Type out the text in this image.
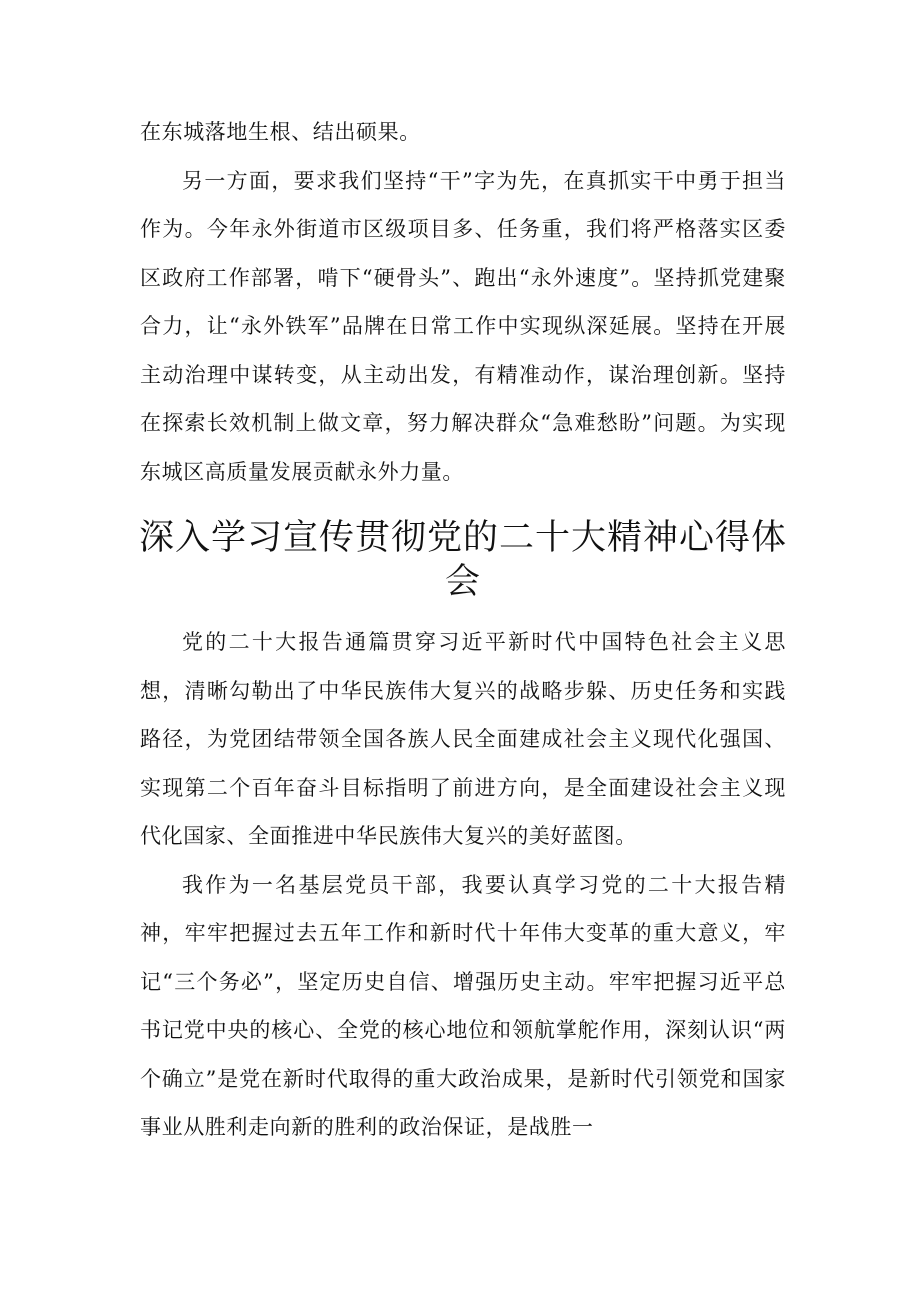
在东城落地生根、结出硕果。

另一方面，要求我们坚持“干”字为先，在真抓实干中勇于担当作为。今年永外街道市区级项目多、任务重，我们将严格落实区委区政府工作部署，啃下“硬骨头”、跑出“永外速度”。坚持抓党建聚合力，让“永外铁军”品牌在日常工作中实现纵深延展。坚持在开展主动治理中谋转变，从主动出发，有精准动作，谋治理创新。坚持在探索长效机制上做文章，努力解决群众“急难愁盼”问题。为实现东城区高质量发展贡献永外力量。

深入学习宣传贯彻党的二十大精神心得体会

党的二十大报告通篇贯穿习近平新时代中国特色社会主义思想，清晰勾勒出了中华民族伟大复兴的战略步躲、历史任务和实践路径，为党团结带领全国各族人民全面建成社会主义现代化强国、实现第二个百年奋斗目标指明了前进方向，是全面建设社会主义现代化国家、全面推进中华民族伟大复兴的美好蓝图。

我作为一名基层党员干部，我要认真学习党的二十大报告精神，牢牢把握过去五年工作和新时代十年伟大变革的重大意义，牢记“三个务必”，坚定历史自信、增强历史主动。牢牢把握习近平总书记党中央的核心、全党的核心地位和领航掌舵作用，深刻认识“两个确立”是党在新时代取得的重大政治成果，是新时代引领党和国家事业从胜利走向新的胜利的政治保证，是战胜一
